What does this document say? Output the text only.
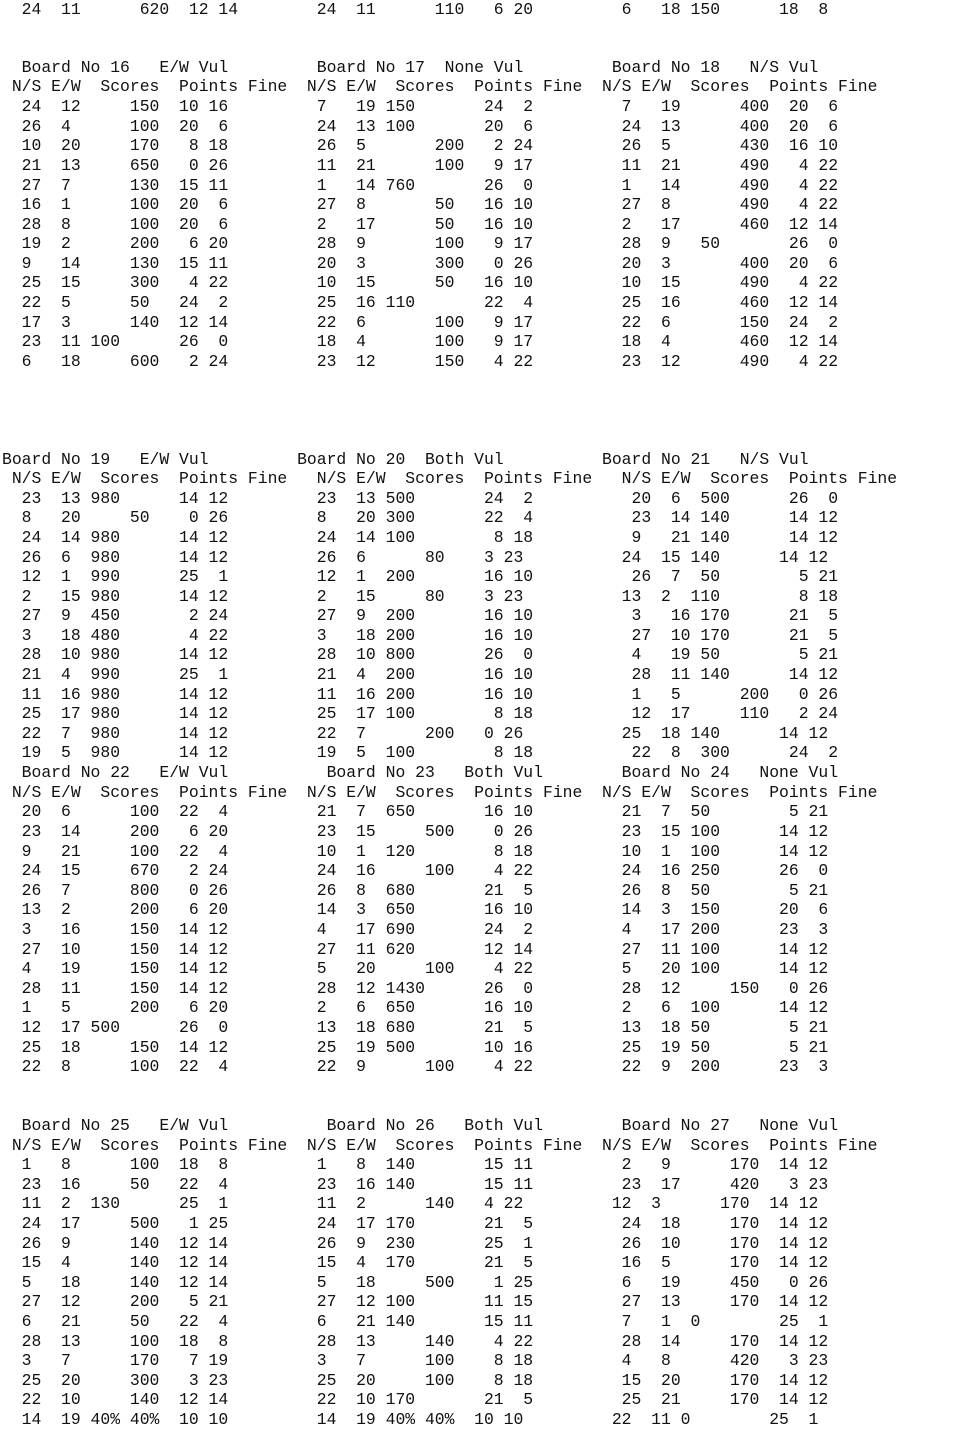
24  11      620  12 14        24  11      110   6 20         6   18 150      18  8
Board No 16   E/W Vul         Board No 17  None Vul         Board No 18   N/S Vul
N/S E/W  Scores  Points Fine  N/S E/W  Scores  Points Fine  N/S E/W  Scores  Points Fine
24  12     150  10 16         7   19 150       24  2         7   19      400  20  6
26  4      100  20  6         24  13 100       20  6         24  13      400  20  6
10  20     170   8 18         26  5       200   2 24         26  5       430  16 10
21  13     650   0 26         11  21      100   9 17         11  21      490   4 22
27  7      130  15 11         1   14 760       26  0         1   14      490   4 22
16  1      100  20  6         27  8       50   16 10         27  8       490   4 22
28  8      100  20  6         2   17      50   16 10         2   17      460  12 14
19  2      200   6 20         28  9       100   9 17         28  9   50       26  0
9   14     130  15 11         20  3       300   0 26         20  3       400  20  6
25  15     300   4 22         10  15      50   16 10         10  15      490   4 22
22  5      50   24  2         25  16 110       22  4         25  16      460  12 14
17  3      140  12 14         22  6       100   9 17         22  6       150  24  2
23  11 100      26  0         18  4       100   9 17         18  4       460  12 14
6   18     600   2 24         23  12      150   4 22         23  12      490   4 22
Board No 19   E/W Vul         Board No 20  Both Vul          Board No 21   N/S Vul
N/S E/W  Scores  Points Fine   N/S E/W  Scores  Points Fine   N/S E/W  Scores  Points Fine
23  13 980      14 12         23  13 500       24  2          20  6  500      26  0
8   20     50    0 26         8   20 300       22  4          23  14 140      14 12
24  14 980      14 12         24  14 100        8 18          9   21 140      14 12
26  6  980      14 12         26  6      80    3 23          24  15 140      14 12
12  1  990      25  1         12  1  200       16 10          26  7  50        5 21
2   15 980      14 12         2   15     80    3 23          13  2  110        8 18
27  9  450       2 24         27  9  200       16 10          3   16 170      21  5
3   18 480       4 22         3   18 200       16 10          27  10 170      21  5
28  10 980      14 12         28  10 800       26  0          4   19 50        5 21
21  4  990      25  1         21  4  200       16 10          28  11 140      14 12
11  16 980      14 12         11  16 200       16 10          1   5      200   0 26
25  17 980      14 12         25  17 100        8 18          12  17     110   2 24
22  7  980      14 12         22  7      200   0 26          25  18 140      14 12
19  5  980      14 12         19  5  100        8 18          22  8  300      24  2
Board No 22   E/W Vul          Board No 23   Both Vul        Board No 24   None Vul
N/S E/W  Scores  Points Fine  N/S E/W  Scores  Points Fine  N/S E/W  Scores  Points Fine
20  6      100  22  4         21  7  650       16 10         21  7  50        5 21
23  14     200   6 20         23  15     500    0 26         23  15 100      14 12
9   21     100  22  4         10  1  120        8 18         10  1  100      14 12
24  15     670   2 24         24  16     100    4 22         24  16 250      26  0
26  7      800   0 26         26  8  680       21  5         26  8  50        5 21
13  2      200   6 20         14  3  650       16 10         14  3  150      20  6
3   16     150  14 12         4   17 690       24  2         4   17 200      23  3
27  10     150  14 12         27  11 620       12 14         27  11 100      14 12
4   19     150  14 12         5   20     100    4 22         5   20 100      14 12
28  11     150  14 12         28  12 1430      26  0         28  12     150   0 26
1   5      200   6 20         2   6  650       16 10         2   6  100      14 12
12  17 500      26  0         13  18 680       21  5         13  18 50        5 21
25  18     150  14 12         25  19 500       10 16         25  19 50        5 21
22  8      100  22  4         22  9      100    4 22         22  9  200      23  3
Board No 25   E/W Vul          Board No 26   Both Vul        Board No 27   None Vul
N/S E/W  Scores  Points Fine  N/S E/W  Scores  Points Fine  N/S E/W  Scores  Points Fine
1   8      100  18  8         1   8  140       15 11         2   9      170  14 12
23  16     50   22  4         23  16 140       15 11         23  17     420   3 23
11  2  130      25  1         11  2      140   4 22         12  3      170  14 12
24  17     500   1 25         24  17 170       21  5         24  18     170  14 12
26  9      140  12 14         26  9  230       25  1         26  10     170  14 12
15  4      140  12 14         15  4  170       21  5         16  5      170  14 12
5   18     140  12 14         5   18     500    1 25         6   19     450   0 26
27  12     200   5 21         27  12 100       11 15         27  13     170  14 12
6   21     50   22  4         6   21 140       15 11         7   1  0        25  1
28  13     100  18  8         28  13     140    4 22         28  14     170  14 12
3   7      170   7 19         3   7      100    8 18         4   8      420   3 23
25  20     300   3 23         25  20     100    8 18         15  20     170  14 12
22  10     140  12 14         22  10 170       21  5         25  21     170  14 12
14  19 40% 40%  10 10         14  19 40% 40%  10 10         22  11 0        25  1
